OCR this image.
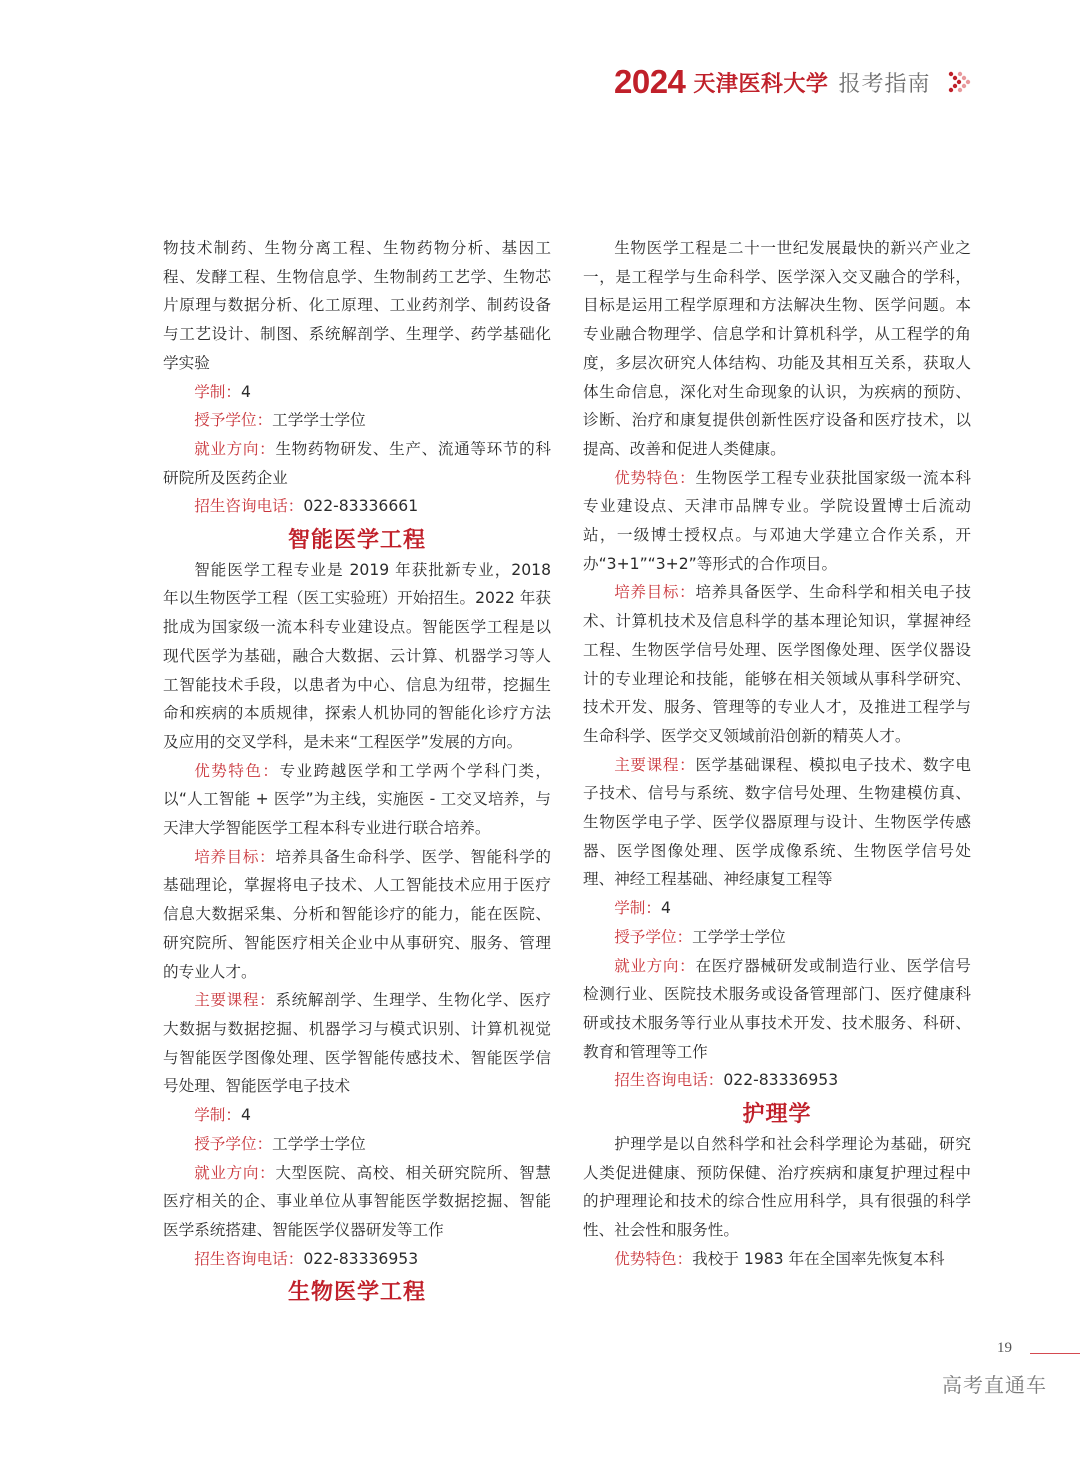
2024 天津医科大学 报考指南

物技术制药、生物分离工程、生物药物分析、基因工程、发酵工程、生物信息学、生物制药工艺学、生物芯片原理与数据分析、化工原理、工业药剂学、制药设备与工艺设计、制图、系统解剖学、生理学、药学基础化学实验

学制：4

授予学位：工学学士学位

就业方向：生物药物研发、生产、流通等环节的科研院所及医药企业

招生咨询电话：022-83336661

智能医学工程

智能医学工程专业是 2019 年获批新专业，2018 年以生物医学工程（医工实验班）开始招生。2022 年获批成为国家级一流本科专业建设点。智能医学工程是以现代医学为基础，融合大数据、云计算、机器学习等人工智能技术手段，以患者为中心、信息为纽带，挖掘生命和疾病的本质规律，探索人机协同的智能化诊疗方法及应用的交叉学科，是未来“工程医学”发展的方向。

优势特色：专业跨越医学和工学两个学科门类，以“人工智能 + 医学”为主线，实施医 - 工交叉培养，与天津大学智能医学工程本科专业进行联合培养。

培养目标：培养具备生命科学、医学、智能科学的基础理论，掌握将电子技术、人工智能技术应用于医疗信息大数据采集、分析和智能诊疗的能力，能在医院、研究院所、智能医疗相关企业中从事研究、服务、管理的专业人才。

主要课程：系统解剖学、生理学、生物化学、医疗大数据与数据挖掘、机器学习与模式识别、计算机视觉与智能医学图像处理、医学智能传感技术、智能医学信号处理、智能医学电子技术

学制：4

授予学位：工学学士学位

就业方向：大型医院、高校、相关研究院所、智慧医疗相关的企、事业单位从事智能医学数据挖掘、智能医学系统搭建、智能医学仪器研发等工作

招生咨询电话：022-83336953

生物医学工程

生物医学工程是二十一世纪发展最快的新兴产业之一，是工程学与生命科学、医学深入交叉融合的学科，目标是运用工程学原理和方法解决生物、医学问题。本专业融合物理学、信息学和计算机科学，从工程学的角度，多层次研究人体结构、功能及其相互关系，获取人体生命信息，深化对生命现象的认识，为疾病的预防、诊断、治疗和康复提供创新性医疗设备和医疗技术，以提高、改善和促进人类健康。

优势特色：生物医学工程专业获批国家级一流本科专业建设点、天津市品牌专业。学院设置博士后流动站，一级博士授权点。与邓迪大学建立合作关系，开办“3+1”“3+2”等形式的合作项目。

培养目标：培养具备医学、生命科学和相关电子技术、计算机技术及信息科学的基本理论知识，掌握神经工程、生物医学信号处理、医学图像处理、医学仪器设计的专业理论和技能，能够在相关领域从事科学研究、技术开发、服务、管理等的专业人才，及推进工程学与生命科学、医学交叉领域前沿创新的精英人才。

主要课程：医学基础课程、模拟电子技术、数字电子技术、信号与系统、数字信号处理、生物建模仿真、生物医学电子学、医学仪器原理与设计、生物医学传感器、医学图像处理、医学成像系统、生物医学信号处理、神经工程基础、神经康复工程等

学制：4

授予学位：工学学士学位

就业方向：在医疗器械研发或制造行业、医学信号检测行业、医院技术服务或设备管理部门、医疗健康科研或技术服务等行业从事技术开发、技术服务、科研、教育和管理等工作

招生咨询电话：022-83336953

护理学

护理学是以自然科学和社会科学理论为基础，研究人类促进健康、预防保健、治疗疾病和康复护理过程中的护理理论和技术的综合性应用科学，具有很强的科学性、社会性和服务性。

优势特色：我校于 1983 年在全国率先恢复本科

19
高考直通车
